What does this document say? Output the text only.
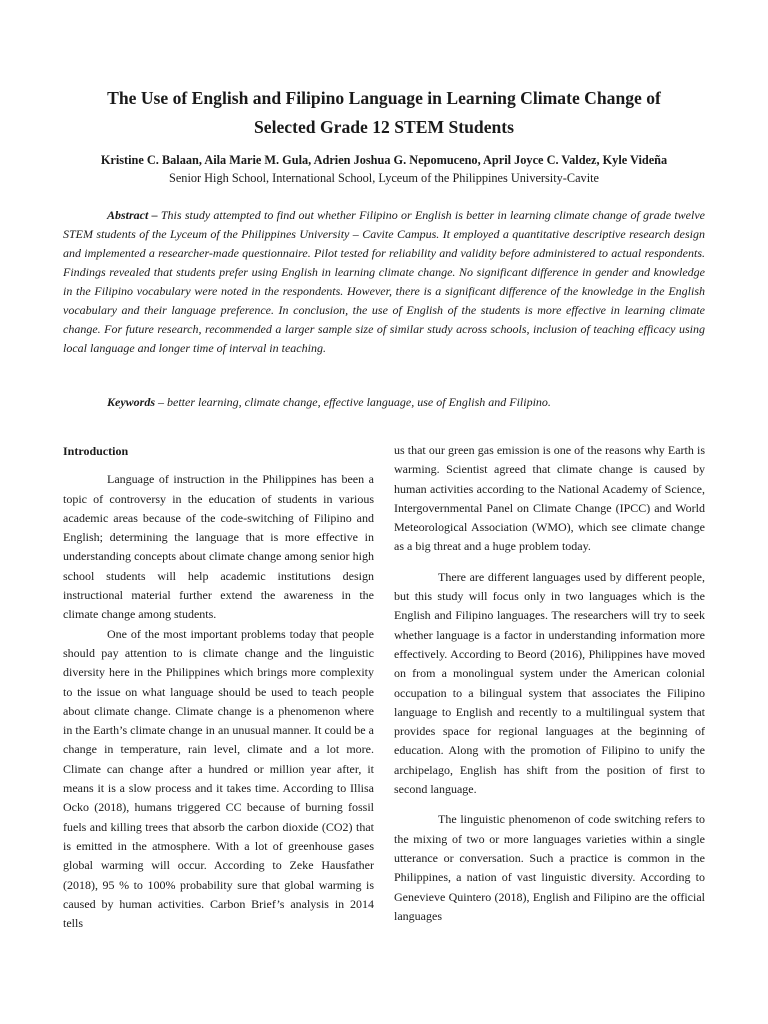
The Use of English and Filipino Language in Learning Climate Change of
Selected Grade 12 STEM Students
Kristine C. Balaan, Aila Marie M. Gula, Adrien Joshua G. Nepomuceno, April Joyce C. Valdez, Kyle Videña
Senior High School, International School, Lyceum of the Philippines University-Cavite
Abstract – This study attempted to find out whether Filipino or English is better in learning climate change of grade twelve STEM students of the Lyceum of the Philippines University – Cavite Campus. It employed a quantitative descriptive research design and implemented a researcher-made questionnaire. Pilot tested for reliability and validity before administered to actual respondents. Findings revealed that students prefer using English in learning climate change. No significant difference in gender and knowledge in the Filipino vocabulary were noted in the respondents. However, there is a significant difference of the knowledge in the English vocabulary and their language preference. In conclusion, the use of English of the students is more effective in learning climate change. For future research, recommended a larger sample size of similar study across schools, inclusion of teaching efficacy using local language and longer time of interval in teaching.
Keywords – better learning, climate change, effective language, use of English and Filipino.
Introduction

Language of instruction in the Philippines has been a topic of controversy in the education of students in various academic areas because of the code-switching of Filipino and English; determining the language that is more effective in understanding concepts about climate change among senior high school students will help academic institutions design instructional material further extend the awareness in the climate change among students.

One of the most important problems today that people should pay attention to is climate change and the linguistic diversity here in the Philippines which brings more complexity to the issue on what language should be used to teach people about climate change. Climate change is a phenomenon where in the Earth’s climate change in an unusual manner. It could be a change in temperature, rain level, climate and a lot more. Climate can change after a hundred or million year after, it means it is a slow process and it takes time. According to Illisa Ocko (2018), humans triggered CC because of burning fossil fuels and killing trees that absorb the carbon dioxide (CO2) that is emitted in the atmosphere. With a lot of greenhouse gases global warming will occur. According to Zeke Hausfather (2018), 95 % to 100% probability sure that global warming is caused by human activities. Carbon Brief’s analysis in 2014 tells

us that our green gas emission is one of the reasons why Earth is warming. Scientist agreed that climate change is caused by human activities according to the National Academy of Science, Intergovernmental Panel on Climate Change (IPCC) and World Meteorological Association (WMO), which see climate change as a big threat and a huge problem today.

There are different languages used by different people, but this study will focus only in two languages which is the English and Filipino languages. The researchers will try to seek whether language is a factor in understanding information more effectively. According to Beord (2016), Philippines have moved on from a monolingual system under the American colonial occupation to a bilingual system that associates the Filipino language to English and recently to a multilingual system that provides space for regional languages at the beginning of education. Along with the promotion of Filipino to unify the archipelago, English has shift from the position of first to second language.

The linguistic phenomenon of code switching refers to the mixing of two or more languages varieties within a single utterance or conversation. Such a practice is common in the Philippines, a nation of vast linguistic diversity. According to Genevieve Quintero (2018), English and Filipino are the official languages
